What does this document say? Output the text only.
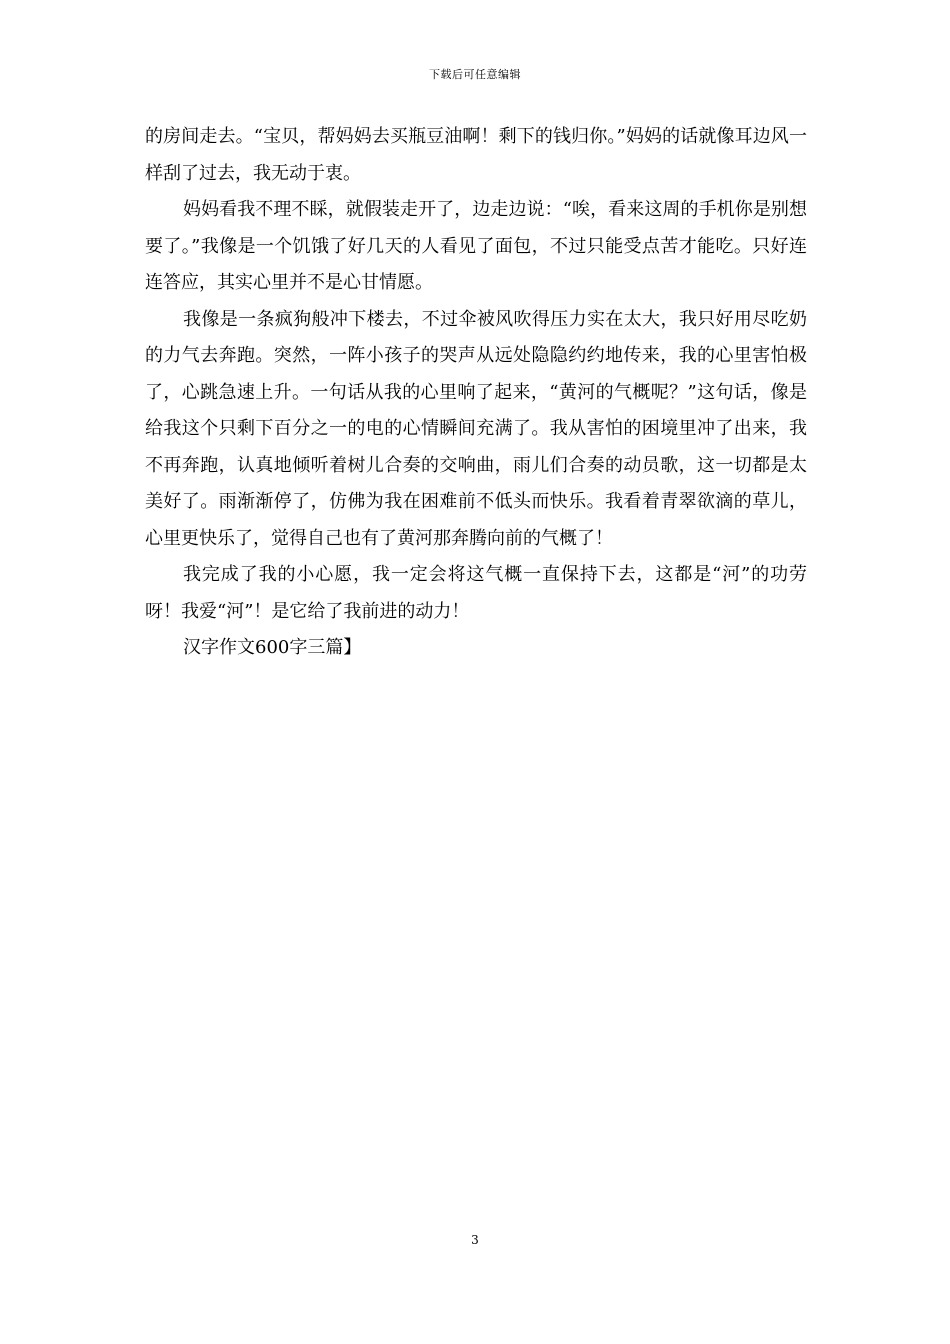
下载后可任意编辑

的房间走去。“宝贝，帮妈妈去买瓶豆油啊！剩下的钱归你。”妈妈的话就像耳边风一样刮了过去，我无动于衷。

妈妈看我不理不睬，就假装走开了，边走边说：“唉，看来这周的手机你是别想要了。”我像是一个饥饿了好几天的人看见了面包，不过只能受点苦才能吃。只好连连答应，其实心里并不是心甘情愿。

我像是一条疯狗般冲下楼去，不过伞被风吹得压力实在太大，我只好用尽吃奶的力气去奔跑。突然，一阵小孩子的哭声从远处隐隐约约地传来，我的心里害怕极了，心跳急速上升。一句话从我的心里响了起来，“黄河的气概呢？”这句话，像是给我这个只剩下百分之一的电的心情瞬间充满了。我从害怕的困境里冲了出来，我不再奔跑，认真地倾听着树儿合奏的交响曲，雨儿们合奏的动员歌，这一切都是太美好了。雨渐渐停了，仿佛为我在困难前不低头而快乐。我看着青翠欲滴的草儿，心里更快乐了，觉得自己也有了黄河那奔腾向前的气概了！

我完成了我的小心愿，我一定会将这气概一直保持下去，这都是“河”的功劳呀！我爱“河”！是它给了我前进的动力！

汉字作文600字三篇】

3
